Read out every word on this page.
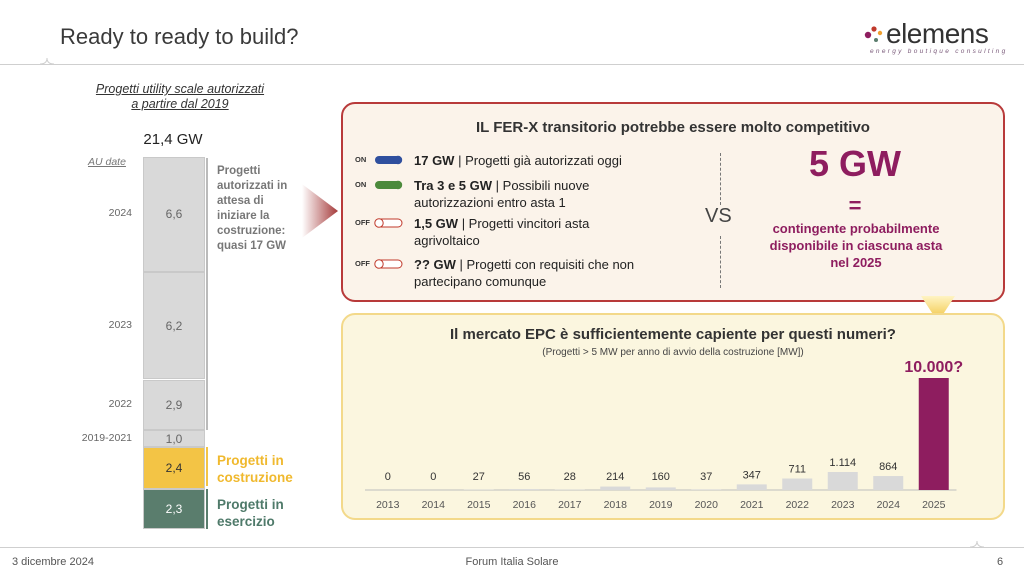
Ready to ready to build?	elemens
energy boutique consulting
Progetti utility scale autorizzati
a partire dal 2019
21,4 GW
AU date
6,6
2024
6,2
2023
2,9
2022
1,0
2019-2021
2,4
2,3
Progetti autorizzati in attesa di iniziare la costruzione: quasi 17 GW
Progetti in
costruzione
Progetti in
esercizio
IL FER-X transitorio potrebbe essere molto competitivo
ON	17 GW | Progetti già autorizzati oggi
ON	Tra 3 e 5 GW | Possibili nuove
autorizzazioni entro asta 1
OFF	1,5 GW | Progetti vincitori asta
agrivoltaico
OFF	?? GW | Progetti con requisiti che non
partecipano comunque
VS
5 GW
=
contingente probabilmente
disponibile in ciascuna asta
nel 2025
Il mercato EPC è sufficientemente capiente per questi numeri?
(Progetti > 5 MW per anno di avvio della costruzione [MW])
0
2013
0
2014
27
2015
56
2016
28
2017
214
2018
160
2019
37
2020
347
2021
711
2022
1.114
2023
864
2024
10.000?
2025
3 dicembre 2024	Forum Italia Solare	6
